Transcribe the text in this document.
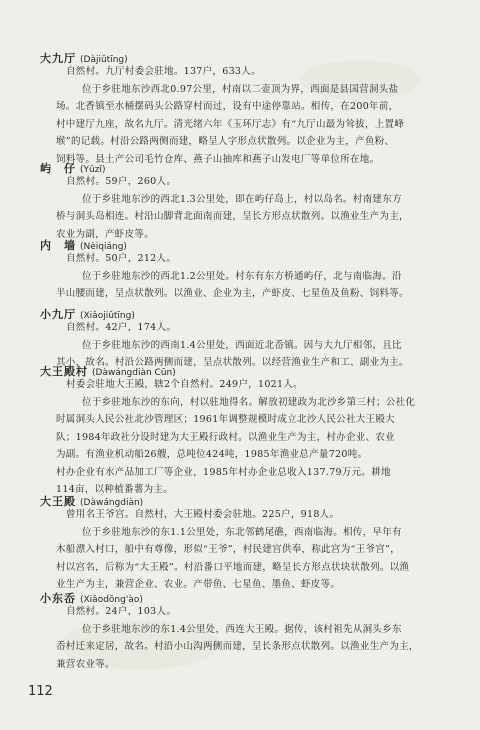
大九厅 (Dàjiǔtīng)
自然村。九厅村委会驻地。137户，633人。
位于乡驻地东沙西北0.97公里，村南以二壶顶为界，西面是县国营洞头盐
场。北香镇至水桶摆码头公路穿村而过，设有中途停靠站。相传，在200年前，
村中建厅九座，故名九厅。清光绪六年《玉环厅志》有“九厅山最为耸拔，上置峰
堠”的记载。村沿公路两侧而建，略呈人字形点状散列。以企业为主，产鱼粉、
饲料等。县土产公司毛竹仓库、燕子山抽库和燕子山发电厂等单位所在地。
屿　仔 (Yǔzǐ)
自然村。59户，260人。
位于乡驻地东沙的西北1.3公里处，即在屿仔岛上，村以岛名。村南建东方
桥与洞头岛相连。村沿山脚背北面南而建，呈长方形点状散列。以渔业生产为主，
农业为副，产虾皮等。
内　墙 (Nèiqiáng)
自然村。50户，212人。
位于乡驻地东沙的西北1.2公里处。村东有东方桥通屿仔，北与南临海。沿
半山腰而建，呈点状散列。以渔业、企业为主，产虾皮、七星鱼及鱼粉、饲料等。
小九厅 (Xiǎojiǔtīng)
自然村。42户，174人。
位于乡驻地东沙的西南1.4公里处，西面近北岙镇。因与大九厅相邻，且比
其小，故名。村沿公路两侧而建，呈点状散列。以经营渔业生产和工、副业为主。
大王殿村 (Dàwángdiàn Cūn)
村委会驻地大王殿，辖2个自然村。249户，1021人。
位于乡驻地东沙的东向，村以驻地得名。解放初建政为北沙乡第三村；公社化
时属洞头人民公社北沙管理区；1961年调整规模时成立北沙人民公社大王殿大
队；1984年政社分设时建为大王殿行政村。以渔业生产为主，村办企业、农业
为副。有渔业机动船26艘，总吨位424吨，1985年渔业总产量720吨。
村办企业有水产品加工厂等企业，1985年村办企业总收入137.79万元。耕地
114亩，以种植番薯为主。
大王殿 (Dàwángdiàn)
曾用名王爷宫。自然村，大王殿村委会驻地。225户，918人。
位于乡驻地东沙的东1.1公里处，东北邻鹤尾礁，西南临海。相传，早年有
木船漂入村口，船中有尊像，形似“王爷”，村民建宫供奉，称此宫为“王爷宫”，
村以宫名，后称为“大王殿”。村沿番口平地而建，略呈长方形点状块状散列。以渔
业生产为主，兼营企业、农业。产带鱼、七星鱼、墨鱼、虾皮等。
小东岙 (Xiǎodōng'ào)
自然村。24户，103人。
位于乡驻地东沙的东1.4公里处，西连大王殿。据传，该村祖先从洞头乡东
岙村迁来定居，故名。村沿小山沟两侧而建，呈长条形点状散列。以渔业生产为主，
兼营农业等。
112
